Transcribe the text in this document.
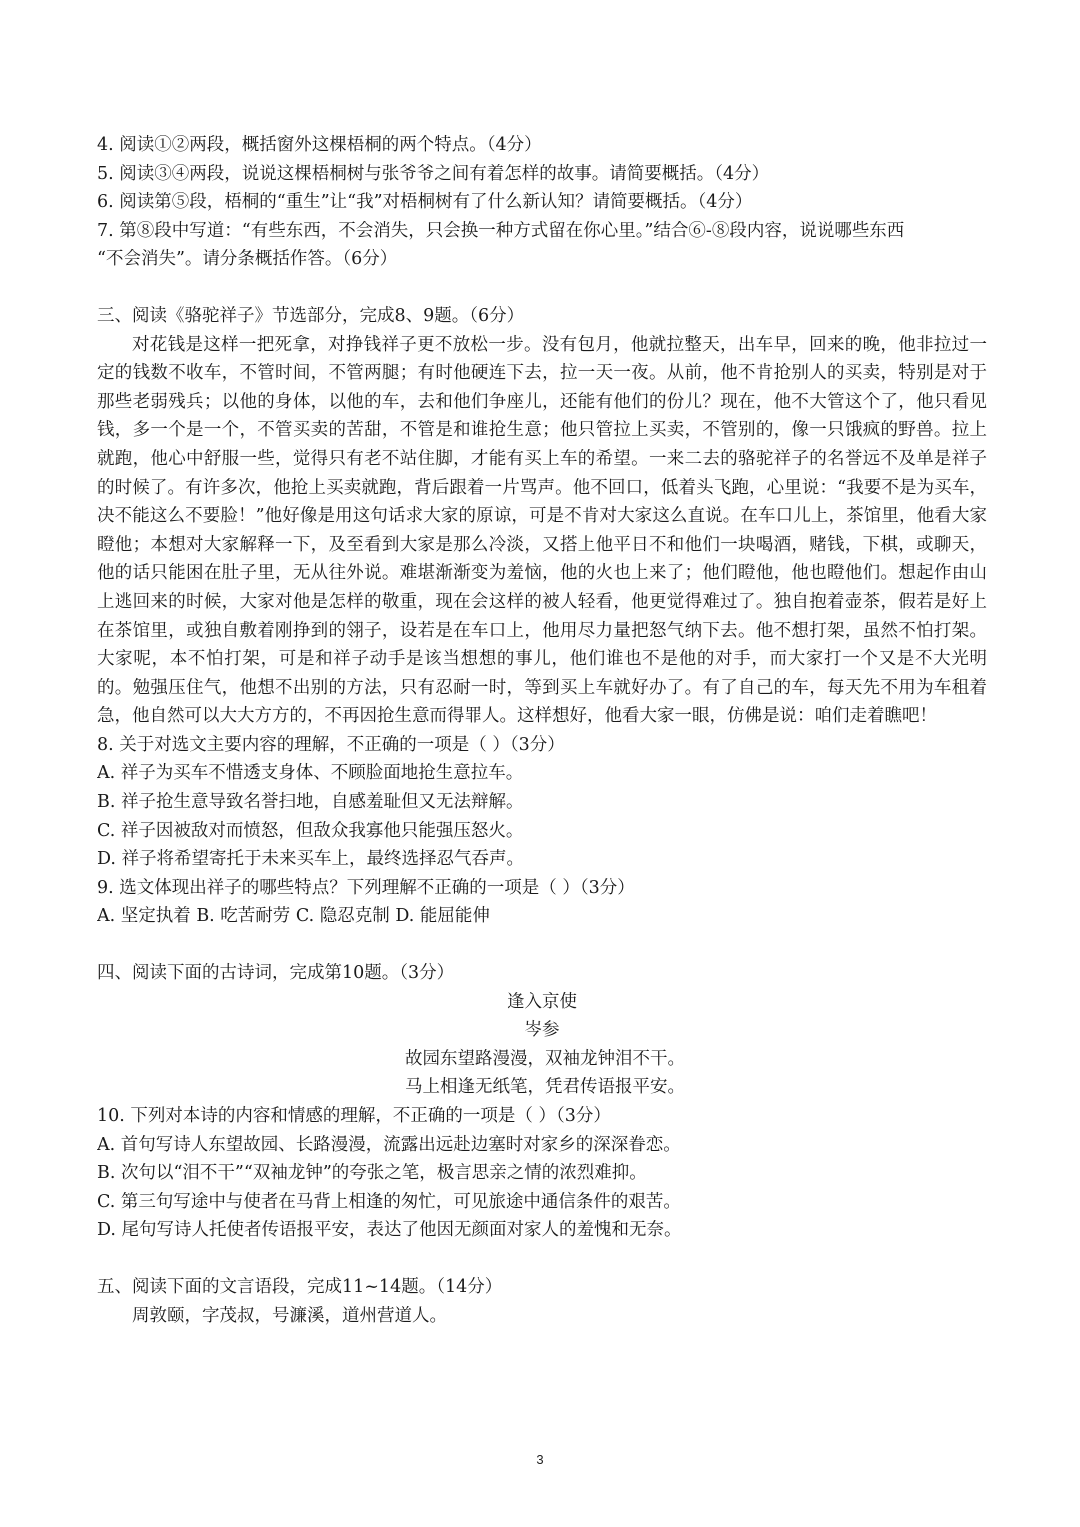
4. 阅读①②两段，概括窗外这棵梧桐的两个特点。（4分）
5. 阅读③④两段，说说这棵梧桐树与张爷爷之间有着怎样的故事。请简要概括。（4分）
6. 阅读第⑤段，梧桐的“重生”让“我”对梧桐树有了什么新认知？请简要概括。（4分）
7. 第⑧段中写道：“有些东西，不会消失，只会换一种方式留在你心里。”结合⑥-⑧段内容，说说哪些东西
“不会消失”。请分条概括作答。（6分）
三、阅读《骆驼祥子》节选部分，完成8、9题。（6分）

对花钱是这样一把死拿，对挣钱祥子更不放松一步。没有包月，他就拉整天，出车早，回来的晚，他非拉过一定的钱数不收车，不管时间，不管两腿；有时他硬连下去，拉一天一夜。从前，他不肯抢别人的买卖，特别是对于那些老弱残兵；以他的身体，以他的车，去和他们争座儿，还能有他们的份儿？现在，他不大管这个了，他只看见钱，多一个是一个，不管买卖的苦甜，不管是和谁抢生意；他只管拉上买卖，不管别的，像一只饿疯的野兽。拉上就跑，他心中舒服一些，觉得只有老不站住脚，才能有买上车的希望。一来二去的骆驼祥子的名誉远不及单是祥子的时候了。有许多次，他抢上买卖就跑，背后跟着一片骂声。他不回口，低着头飞跑，心里说：“我要不是为买车，决不能这么不要脸！”他好像是用这句话求大家的原谅，可是不肯对大家这么直说。在车口儿上，茶馆里，他看大家瞪他；本想对大家解释一下，及至看到大家是那么冷淡，又搭上他平日不和他们一块喝酒，赌钱，下棋，或聊天，他的话只能困在肚子里，无从往外说。难堪渐渐变为羞恼，他的火也上来了；他们瞪他，他也瞪他们。想起作由山上逃回来的时候，大家对他是怎样的敬重，现在会这样的被人轻看，他更觉得难过了。独自抱着壶茶，假若是好上在茶馆里，或独自敷着刚挣到的翎子，设若是在车口上，他用尽力量把怒气纳下去。他不想打架，虽然不怕打架。大家呢，本不怕打架，可是和祥子动手是该当想想的事儿，他们谁也不是他的对手，而大家打一个又是不大光明的。勉强压住气，他想不出别的方法，只有忍耐一时，等到买上车就好办了。有了自己的车，每天先不用为车租着急，他自然可以大大方方的，不再因抢生意而得罪人。这样想好，他看大家一眼，仿佛是说：咱们走着瞧吧！

8. 关于对选文主要内容的理解，不正确的一项是（ ）（3分）
A. 祥子为买车不惜透支身体、不顾脸面地抢生意拉车。
B. 祥子抢生意导致名誉扫地，自感羞耻但又无法辩解。
C. 祥子因被敌对而愤怒，但敌众我寡他只能强压怒火。
D. 祥子将希望寄托于未来买车上，最终选择忍气吞声。
9. 选文体现出祥子的哪些特点？下列理解不正确的一项是（ ）（3分）
A. 坚定执着 B. 吃苦耐劳 C. 隐忍克制 D. 能屈能伸
四、阅读下面的古诗词，完成第10题。（3分）
逢入京使
岑参
故园东望路漫漫，双袖龙钟泪不干。
马上相逢无纸笔，凭君传语报平安。
10. 下列对本诗的内容和情感的理解，不正确的一项是（ ）（3分）
A. 首句写诗人东望故园、长路漫漫，流露出远赴边塞时对家乡的深深眷恋。
B. 次句以“泪不干”“双袖龙钟”的夸张之笔，极言思亲之情的浓烈难抑。
C. 第三句写途中与使者在马背上相逢的匆忙，可见旅途中通信条件的艰苦。
D. 尾句写诗人托使者传语报平安，表达了他因无颜面对家人的羞愧和无奈。
五、阅读下面的文言语段，完成11~14题。（14分）
周敦颐，字茂叔，号濂溪，道州营道人。
3
